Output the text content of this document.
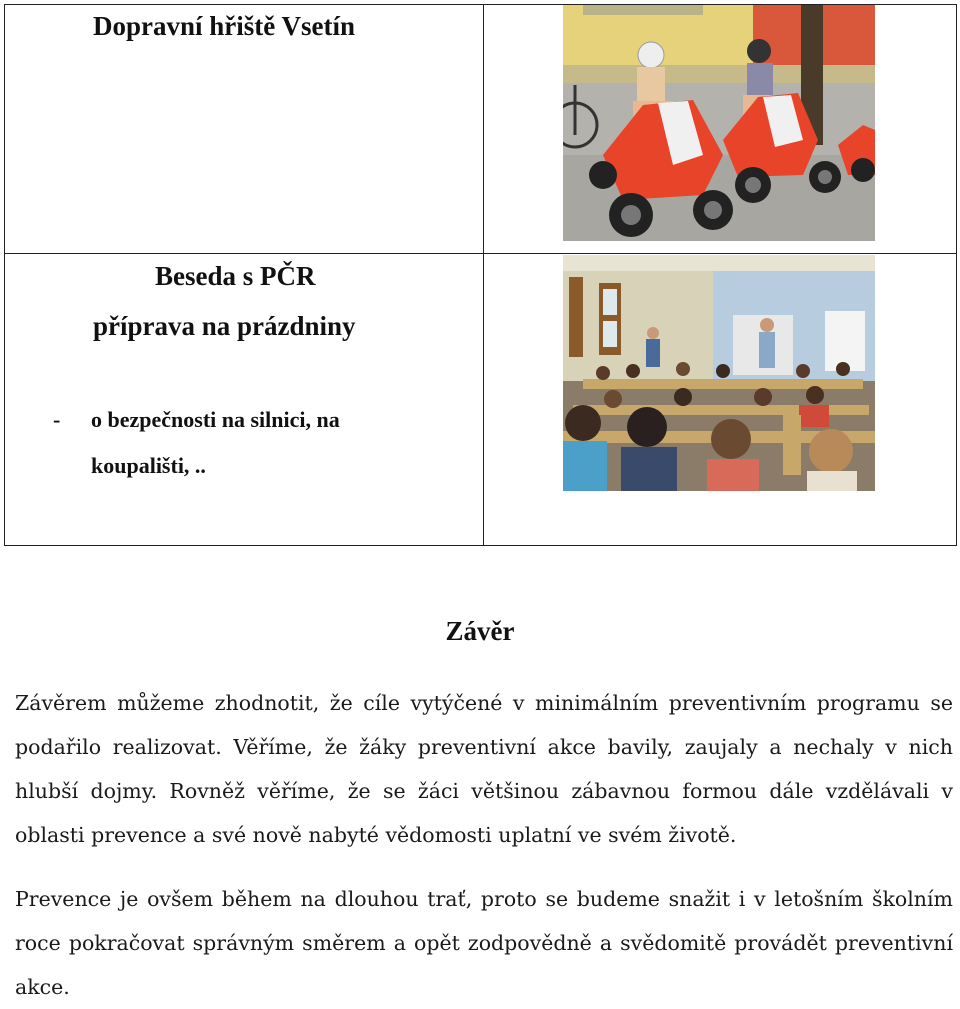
Dopravní hřiště Vsetín
Beseda s PČR
příprava na prázdniny
- o bezpečnosti na silnici, na
koupališti, ..
Závěr

Závěrem můžeme zhodnotit, že cíle vytýčené v minimálním preventivním programu se podařilo realizovat. Věříme, že žáky preventivní akce bavily, zaujaly a nechaly v nich hlubší dojmy. Rovněž věříme, že se žáci většinou zábavnou formou dále vzdělávali v oblasti prevence a své nově nabyté vědomosti uplatní ve svém životě.

Prevence je ovšem během na dlouhou trať, proto se budeme snažit i v letošním školním roce pokračovat správným směrem a opět zodpovědně a svědomitě provádět preventivní akce.
